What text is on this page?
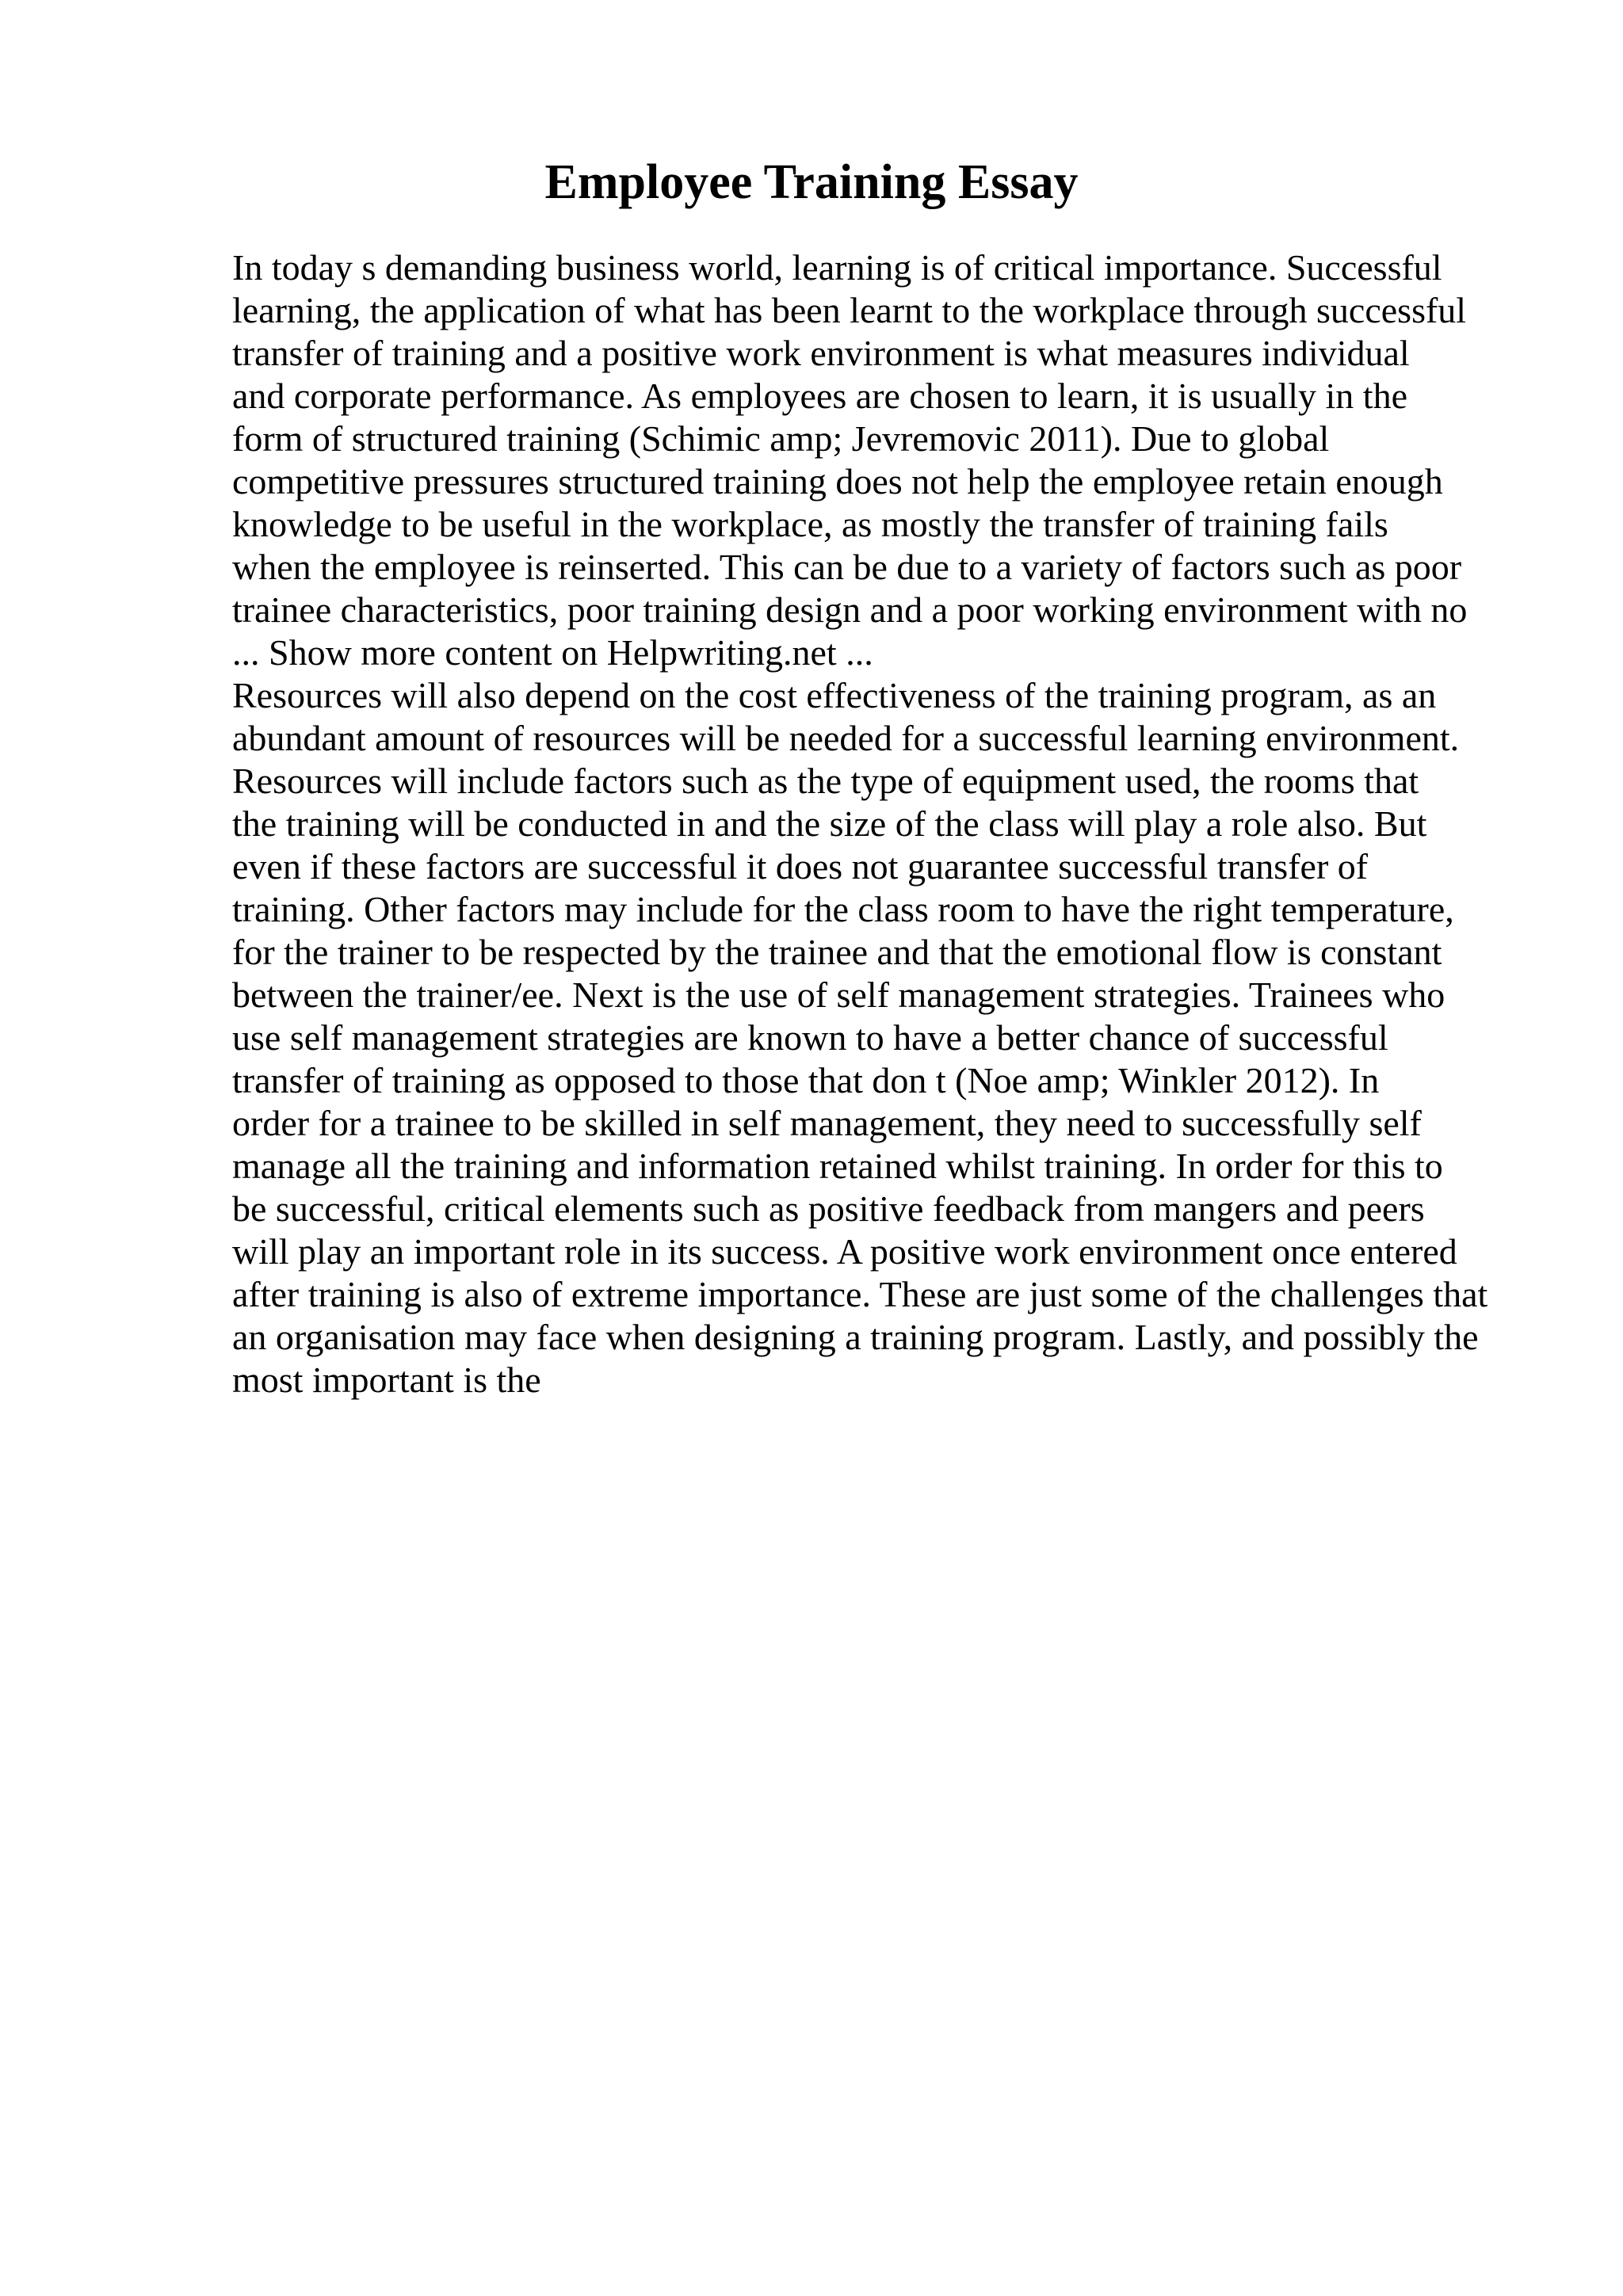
Employee Training Essay
In today s demanding business world, learning is of critical importance. Successful
learning, the application of what has been learnt to the workplace through successful
transfer of training and a positive work environment is what measures individual
and corporate performance. As employees are chosen to learn, it is usually in the
form of structured training (Schimic amp; Jevremovic 2011). Due to global
competitive pressures structured training does not help the employee retain enough
knowledge to be useful in the workplace, as mostly the transfer of training fails
when the employee is reinserted. This can be due to a variety of factors such as poor
trainee characteristics, poor training design and a poor working environment with no
... Show more content on Helpwriting.net ...
Resources will also depend on the cost effectiveness of the training program, as an
abundant amount of resources will be needed for a successful learning environment.
Resources will include factors such as the type of equipment used, the rooms that
the training will be conducted in and the size of the class will play a role also. But
even if these factors are successful it does not guarantee successful transfer of
training. Other factors may include for the class room to have the right temperature,
for the trainer to be respected by the trainee and that the emotional flow is constant
between the trainer/ee. Next is the use of self management strategies. Trainees who
use self management strategies are known to have a better chance of successful
transfer of training as opposed to those that don t (Noe amp; Winkler 2012). In
order for a trainee to be skilled in self management, they need to successfully self
manage all the training and information retained whilst training. In order for this to
be successful, critical elements such as positive feedback from mangers and peers
will play an important role in its success. A positive work environment once entered
after training is also of extreme importance. These are just some of the challenges that
an organisation may face when designing a training program. Lastly, and possibly the
most important is the
